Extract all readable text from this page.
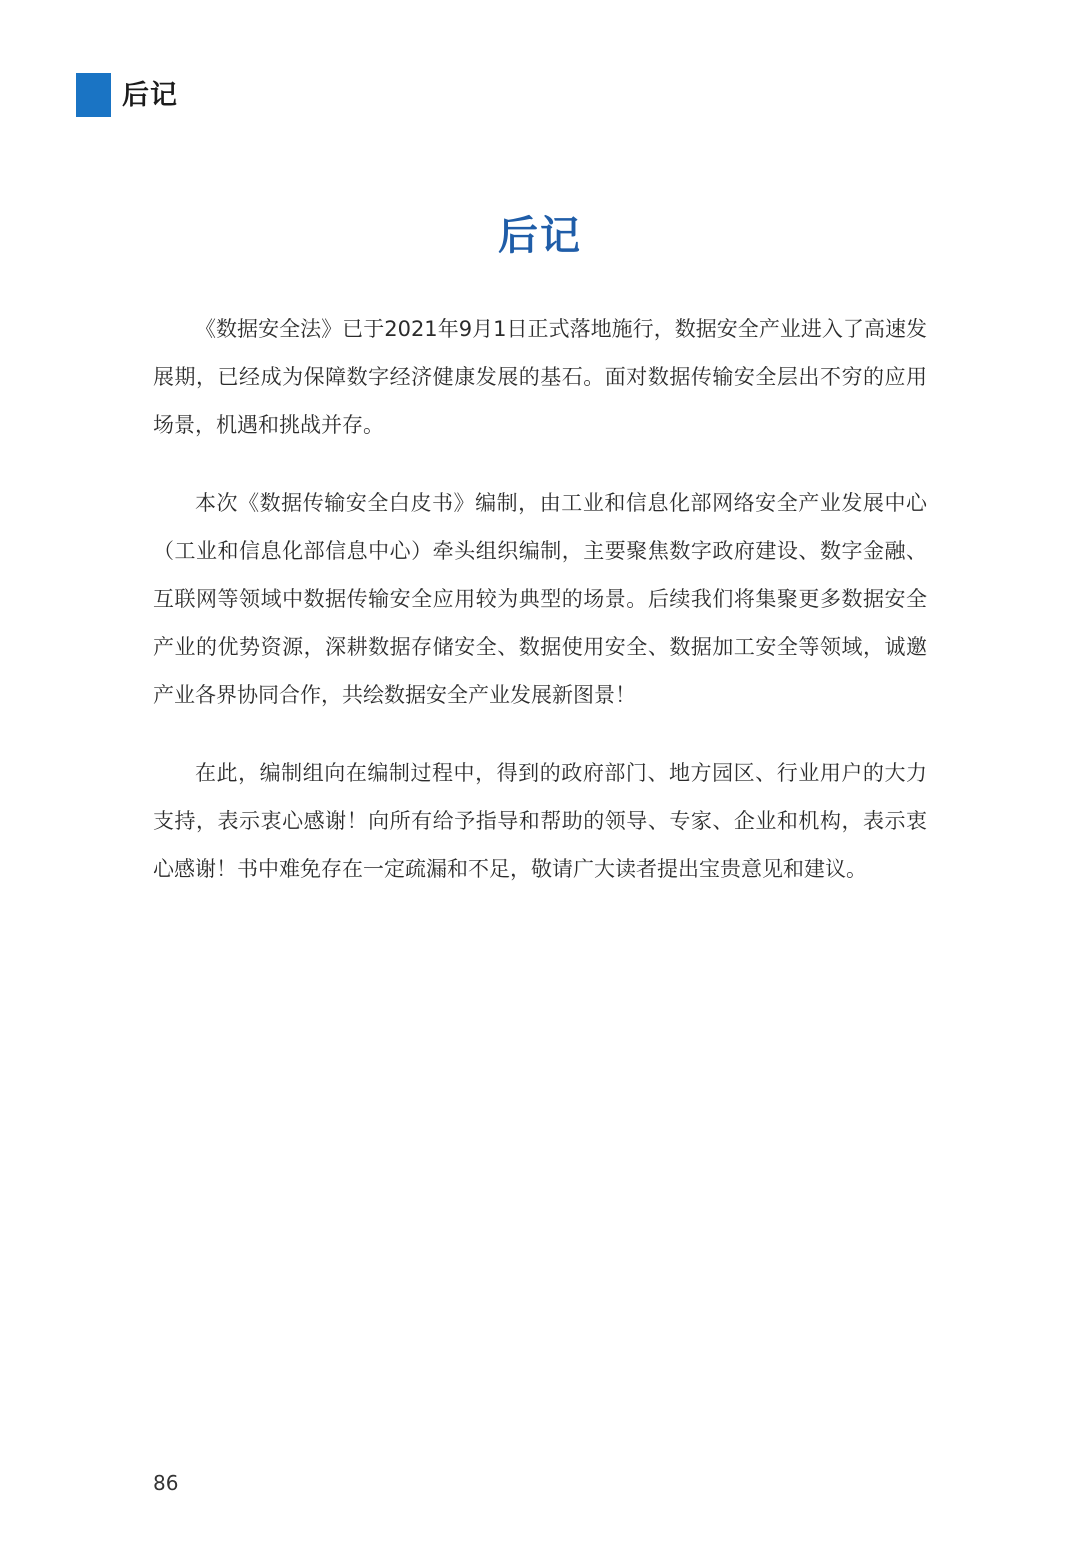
后记
后记

《数据安全法》已于2021年9月1日正式落地施行，数据安全产业进入了高速发展期，已经成为保障数字经济健康发展的基石。面对数据传输安全层出不穷的应用场景，机遇和挑战并存。

本次《数据传输安全白皮书》编制，由工业和信息化部网络安全产业发展中心（工业和信息化部信息中心）牵头组织编制，主要聚焦数字政府建设、数字金融、互联网等领域中数据传输安全应用较为典型的场景。后续我们将集聚更多数据安全产业的优势资源，深耕数据存储安全、数据使用安全、数据加工安全等领域，诚邀产业各界协同合作，共绘数据安全产业发展新图景！

在此，编制组向在编制过程中，得到的政府部门、地方园区、行业用户的大力支持，表示衷心感谢！向所有给予指导和帮助的领导、专家、企业和机构，表示衷心感谢！书中难免存在一定疏漏和不足，敬请广大读者提出宝贵意见和建议。

86
